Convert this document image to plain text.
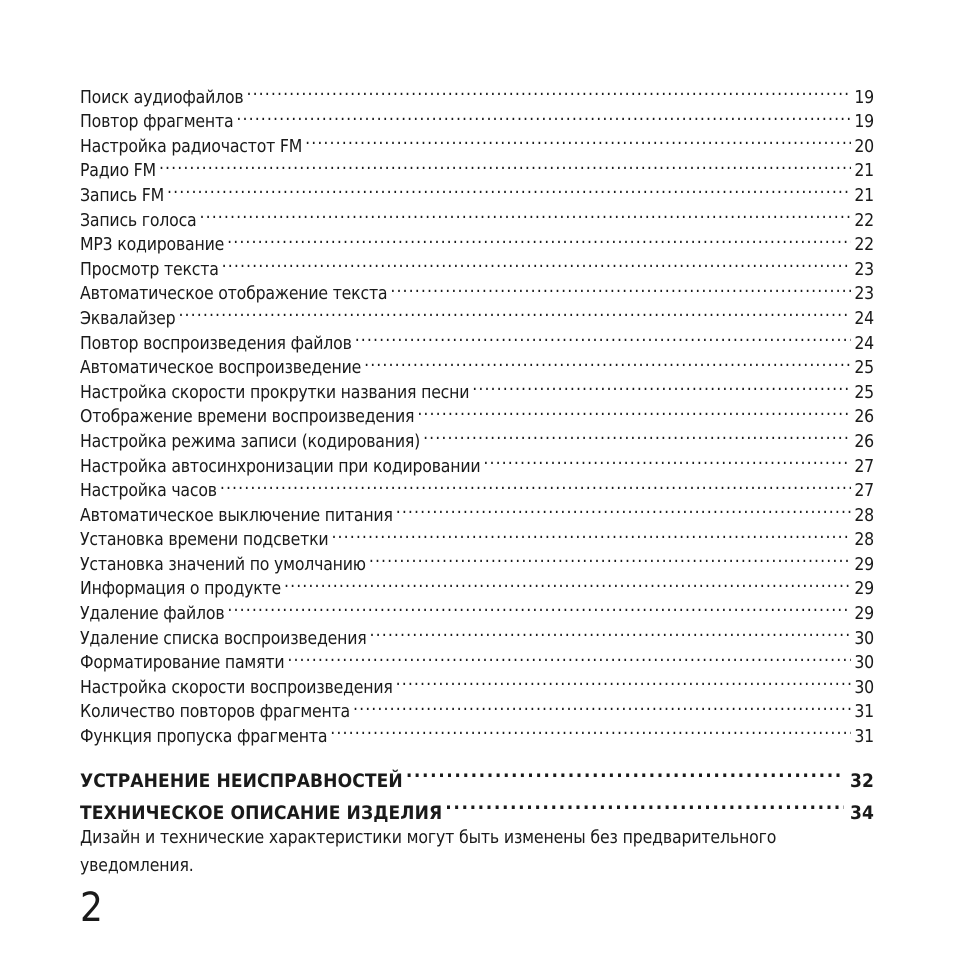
Поиск аудиофайлов .....	19
Повтор фрагмента .....	19
Настройка радиочастот FM .....	20
Радио FM .....	21
Запись FM .....	21
Запись голоса .....	22
MP3 кодирование .....	22
Просмотр текста .....	23
Автоматическое отображение текста .....	23
Эквалайзер .....	24
Повтор воспроизведения файлов .....	24
Автоматическое воспроизведение .....	25
Настройка скорости прокрутки названия песни .....	25
Отображение времени воспроизведения .....	26
Настройка режима записи (кодирования) .....	26
Настройка автосинхронизации при кодировании .....	27
Настройка часов .....	27
Автоматическое выключение питания .....	28
Установка времени подсветки .....	28
Установка значений по умолчанию .....	29
Информация о продукте .....	29
Удаление файлов .....	29
Удаление списка воспроизведения .....	30
Форматирование памяти .....	30
Настройка скорости воспроизведения .....	30
Количество повторов фрагмента .....	31
Функция пропуска фрагмента .....	31
УСТРАНЕНИЕ НЕИСПРАВНОСТЕЙ .....	32
ТЕХНИЧЕСКОЕ ОПИСАНИЕ ИЗДЕЛИЯ .....	34

Дизайн и технические характеристики могут быть изменены без предварительного уведомления.

2
